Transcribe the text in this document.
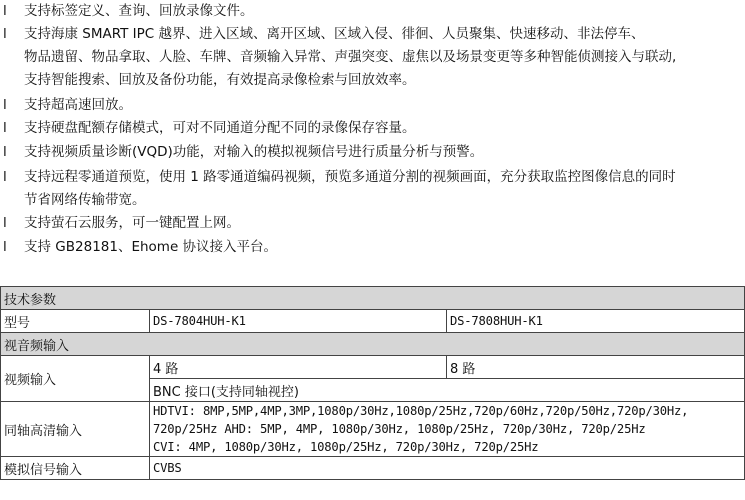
l	支持标签定义、查询、回放录像文件。
l	支持海康 SMART IPC 越界、进入区域、离开区域、区域入侵、徘徊、人员聚集、快速移动、非法停车、
物品遗留、物品拿取、人脸、车牌、音频输入异常、声强突变、虚焦以及场景变更等多种智能侦测接入与联动,
支持智能搜索、回放及备份功能，有效提高录像检索与回放效率。
l	支持超高速回放。
l	支持硬盘配额存储模式，可对不同通道分配不同的录像保存容量。
l	支持视频质量诊断(VQD)功能，对输入的模拟视频信号进行质量分析与预警。
l	支持远程零通道预览，使用 1 路零通道编码视频，预览多通道分割的视频画面，充分获取监控图像信息的同时
节省网络传输带宽。
l	支持萤石云服务，可一键配置上网。
l	支持 GB28181、Ehome 协议接入平台。
技术参数		
型号	DS-7804HUH-K1	DS-7808HUH-K1
视音频输入		
视频输入	4 路	8 路
	BNC 接口(支持同轴视控)	
同轴高清输入	HDTVI: 8MP,5MP,4MP,3MP,1080p/30Hz,1080p/25Hz,720p/60Hz,720p/50Hz,720p/30Hz,
720p/25Hz AHD: 5MP, 4MP, 1080p/30Hz, 1080p/25Hz, 720p/30Hz, 720p/25Hz
CVI: 4MP, 1080p/30Hz, 1080p/25Hz, 720p/30Hz, 720p/25Hz	

模拟信号输入	CVBS	
